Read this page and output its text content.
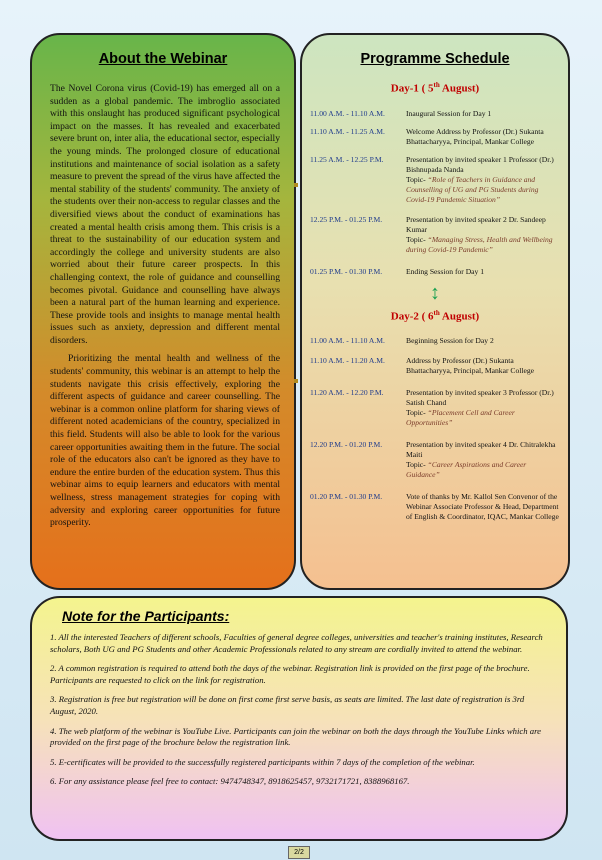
About the Webinar

The Novel Corona virus (Covid-19) has emerged all on a sudden as a global pandemic. The imbroglio associated with this onslaught has produced significant psychological impact on the masses. It has revealed and exacerbated severe brunt on, inter alia, the educational sector, especially the young minds. The prolonged closure of educational institutions and maintenance of social isolation as a safety measure to prevent the spread of the virus have affected the mental stability of the students' community. The anxiety of the students over their non-access to regular classes and the diversified views about the conduct of examinations has created a mental health crisis among them. This crisis is a threat to the sustainability of our education system and accordingly the college and university students are also worried about their future career prospects. In this challenging context, the role of guidance and counselling becomes pivotal. Guidance and counselling have always been a natural part of the human learning and experience. These provide tools and insights to manage mental health issues such as anxiety, depression and different mental disorders.

Prioritizing the mental health and wellness of the students' community, this webinar is an attempt to help the students navigate this crisis effectively, exploring the different aspects of guidance and career counselling. The webinar is a common online platform for sharing views of different noted academicians of the country, specialized in this field. Students will also be able to look for the various career opportunities awaiting them in the future. The social role of the educators also can't be ignored as they have to endure the entire burden of the education system. Thus this webinar aims to equip learners and educators with mental wellness, stress management strategies for coping with adversity and exploring career opportunities for future prosperity.

Programme Schedule
Day-1 ( 5th August)
11.00 A.M. - 11.10 A.M.	Inaugural Session for Day 1
11.10 A.M. - 11.25 A.M.	Welcome Address by Professor (Dr.) Sukanta Bhattacharyya, Principal, Mankar College
11.25 A.M. - 12.25 P.M.	Presentation by invited speaker 1 Professor (Dr.) Bishnupada Nanda
Topic- “Role of Teachers in Guidance and Counselling of UG and PG Students during Covid-19 Pandemic Situation”
12.25 P.M. - 01.25 P.M.	Presentation by invited speaker 2 Dr. Sandeep Kumar
Topic- “Managing Stress, Health and Wellbeing during Covid-19 Pandemic”
01.25 P.M. - 01.30 P.M.	Ending Session for Day 1
↕
Day-2 ( 6th August)
11.00 A.M. - 11.10 A.M.	Beginning Session for Day 2
11.10 A.M. - 11.20 A.M.	Address by Professor (Dr.) Sukanta Bhattacharyya, Principal, Mankar College
11.20 A.M. - 12.20 P.M.	Presentation by invited speaker 3 Professor (Dr.) Satish Chand
Topic- “Placement Cell and Career Opportunities”
12.20 P.M. - 01.20 P.M.	Presentation by invited speaker 4 Dr. Chitralekha Maiti
Topic- “Career Aspirations and Career Guidance”
01.20 P.M. - 01.30 P.M.	Vote of thanks by Mr. Kallol Sen Convenor of the Webinar Associate Professor & Head, Department of English & Coordinator, IQAC, Mankar College
Note for the Participants:
1. All the interested Teachers of different schools, Faculties of general degree colleges, universities and teacher's training institutes, Research scholars, Both UG and PG Students and other Academic Professionals related to any stream are cordially invited to attend the webinar.
2. A common registration is required to attend both the days of the webinar. Registration link is provided on the first page of the brochure. Participants are requested to click on the link for registration.
3. Registration is free but registration will be done on first come first serve basis, as seats are limited. The last date of registration is 3rd August, 2020.
4. The web platform of the webinar is YouTube Live. Participants can join the webinar on both the days through the YouTube Links which are provided on the first page of the brochure below the registration link.
5. E-certificates will be provided to the successfully registered participants within 7 days of the completion of the webinar.
6. For any assistance please feel free to contact: 9474748347, 8918625457, 9732171721, 8388968167.
2/2
